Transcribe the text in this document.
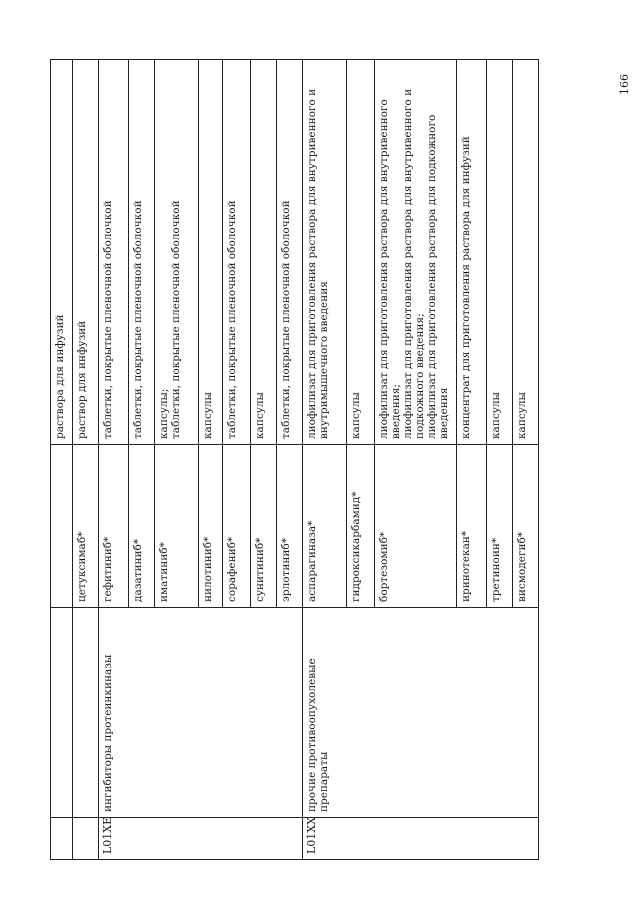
			раствора для инфузий
		цетуксимаб*	раствор для инфузий
L01XE	ингибиторы протеинкиназы	гефитиниб*	таблетки, покрытые пленочной оболочкой
		дазатиниб*	таблетки, покрытые пленочной оболочкой
		иматиниб*	капсулы;
таблетки, покрытые пленочной оболочкой
		нилотиниб*	капсулы
		сорафениб*	таблетки, покрытые пленочной оболочкой
		сунитиниб*	капсулы
		эрлотиниб*	таблетки, покрытые пленочной оболочкой
L01XX	прочие противоопухолевые препараты	аспарагиназа*	лиофилизат для приготовления раствора для внутривенного и внутримышечного введения
		гидроксикарбамид*	капсулы
		бортезомиб*	лиофилизат для приготовления раствора для внутривенного введения;
лиофилизат для приготовления раствора для внутривенного и подкожного введения;
лиофилизат для приготовления раствора для подкожного введения
		иринотекан*	концентрат для приготовления раствора для инфузий
		третиноин*	капсулы
		висмодегиб*	капсулы
166
